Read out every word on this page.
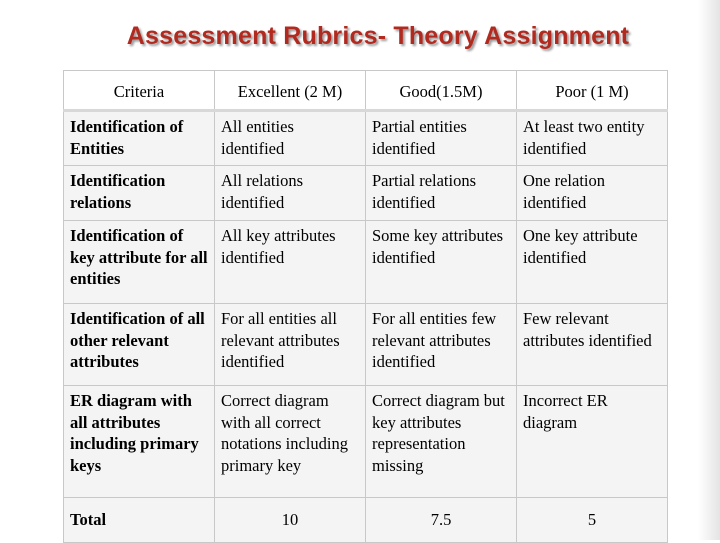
Assessment Rubrics- Theory Assignment
Criteria	Excellent (2 M)	Good(1.5M)	Poor (1 M)
Identification of Entities	All entities identified	Partial entities identified	At least two entity identified
Identification relations	All relations identified	Partial relations identified	One relation identified
Identification of key attribute for all entities	All key attributes identified	Some key attributes identified	One key attribute identified
Identification of all other relevant attributes	For all entities all relevant attributes identified	For all entities few relevant attributes identified	Few relevant attributes identified
ER diagram with all attributes including primary keys	Correct diagram with all correct notations including primary key	Correct diagram but key attributes representation missing	Incorrect ER diagram
Total	10	7.5	5
